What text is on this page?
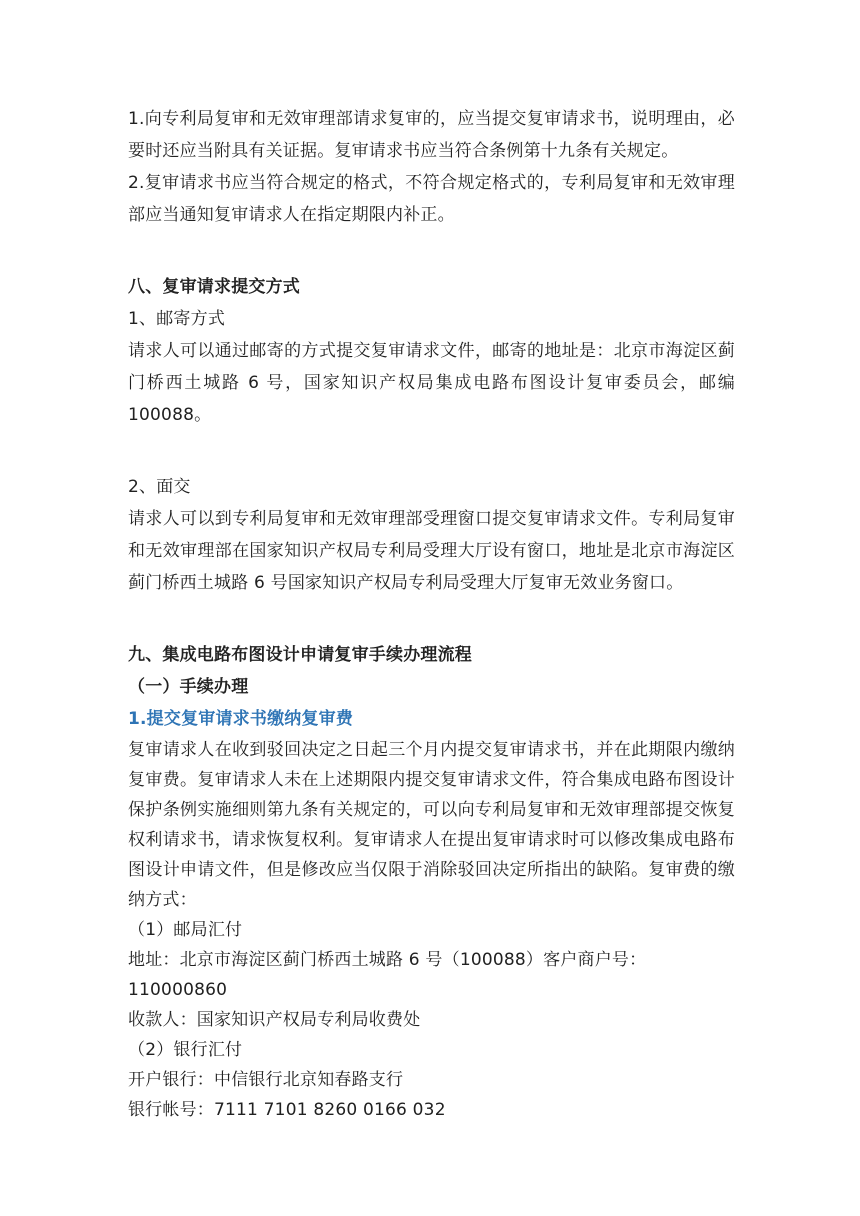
1.向专利局复审和无效审理部请求复审的，应当提交复审请求书，说明理由，必要时还应当附具有关证据。复审请求书应当符合条例第十九条有关规定。

2.复审请求书应当符合规定的格式，不符合规定格式的，专利局复审和无效审理部应当通知复审请求人在指定期限内补正。

八、复审请求提交方式

1、邮寄方式

请求人可以通过邮寄的方式提交复审请求文件，邮寄的地址是：北京市海淀区蓟门桥西土城路 6 号，国家知识产权局集成电路布图设计复审委员会，邮编100088。

2、面交

请求人可以到专利局复审和无效审理部受理窗口提交复审请求文件。专利局复审和无效审理部在国家知识产权局专利局受理大厅设有窗口，地址是北京市海淀区蓟门桥西土城路 6 号国家知识产权局专利局受理大厅复审无效业务窗口。

九、集成电路布图设计申请复审手续办理流程
（一）手续办理
1.提交复审请求书缴纳复审费

复审请求人在收到驳回决定之日起三个月内提交复审请求书，并在此期限内缴纳复审费。复审请求人未在上述期限内提交复审请求文件，符合集成电路布图设计保护条例实施细则第九条有关规定的，可以向专利局复审和无效审理部提交恢复权利请求书，请求恢复权利。复审请求人在提出复审请求时可以修改集成电路布图设计申请文件，但是修改应当仅限于消除驳回决定所指出的缺陷。复审费的缴纳方式：

（1）邮局汇付

地址：北京市海淀区蓟门桥西土城路 6 号（100088）客户商户号：110000860

收款人：国家知识产权局专利局收费处

（2）银行汇付

开户银行：中信银行北京知春路支行

银行帐号：7111 7101 8260 0166 032
